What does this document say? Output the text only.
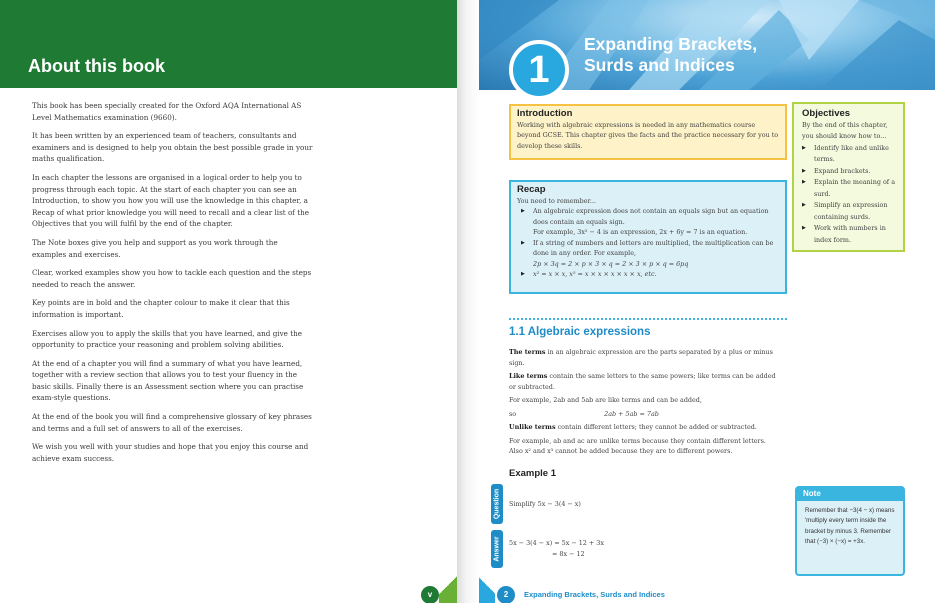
About this book

This book has been specially created for the Oxford AQA International AS Level Mathematics examination (9660).

It has been written by an experienced team of teachers, consultants and examiners and is designed to help you obtain the best possible grade in your maths qualification.

In each chapter the lessons are organised in a logical order to help you to progress through each topic. At the start of each chapter you can see an Introduction, to show you how you will use the knowledge in this chapter, a Recap of what prior knowledge you will need to recall and a clear list of the Objectives that you will fulfil by the end of the chapter.

The Note boxes give you help and support as you work through the examples and exercises.

Clear, worked examples show you how to tackle each question and the steps needed to reach the answer.

Key points are in bold and the chapter colour to make it clear that this information is important.

Exercises allow you to apply the skills that you have learned, and give the opportunity to practice your reasoning and problem solving abilities.

At the end of a chapter you will find a summary of what you have learned, together with a review section that allows you to test your fluency in the basic skills. Finally there is an Assessment section where you can practise exam-style questions.

At the end of the book you will find a comprehensive glossary of key phrases and terms and a full set of answers to all of the exercises.

We wish you well with your studies and hope that you enjoy this course and achieve exam success.

v
1
Expanding Brackets,
Surds and Indices
Introduction

Working with algebraic expressions is needed in any mathematics course beyond GCSE. This chapter gives the facts and the practice necessary for you to develop these skills.

Objectives

By the end of this chapter, you should know how to...

▶ Identify like and unlike terms.
▶ Expand brackets.
▶ Explain the meaning of a surd.
▶ Simplify an expression containing surds.
▶ Work with numbers in index form.
Recap

You need to remember...

▶ An algebraic expression does not contain an equals sign but an equation does contain an equals sign.
For example, 3x² − 4 is an expression, 2x + 6y = 7 is an equation.
▶ If a string of numbers and letters are multiplied, the multiplication can be done in any order. For example,
2p × 3q = 2 × p × 3 × q = 2 × 3 × p × q = 6pq
▶ x² = x × x, x⁵ = x × x × x × x × x, etc.
1.1 Algebraic expressions

The terms in an algebraic expression are the parts separated by a plus or minus sign.

Like terms contain the same letters to the same powers; like terms can be added or subtracted.

For example, 2ab and 5ab are like terms and can be added,

so	2ab + 5ab = 7ab

Unlike terms contain different letters; they cannot be added or subtracted.

For example, ab and ac are unlike terms because they contain different letters.

Also x² and x³ cannot be added because they are to different powers.

Example 1
Question Simplify 5x − 3(4 − x)
Answer 5x − 3(4 − x) = 5x − 12 + 3x
= 8x − 12
Note
Remember that −3(4 − x) means 'multiply every term inside the bracket by minus 3. Remember that (−3) × (−x) = +3x.
2	Expanding Brackets, Surds and Indices
